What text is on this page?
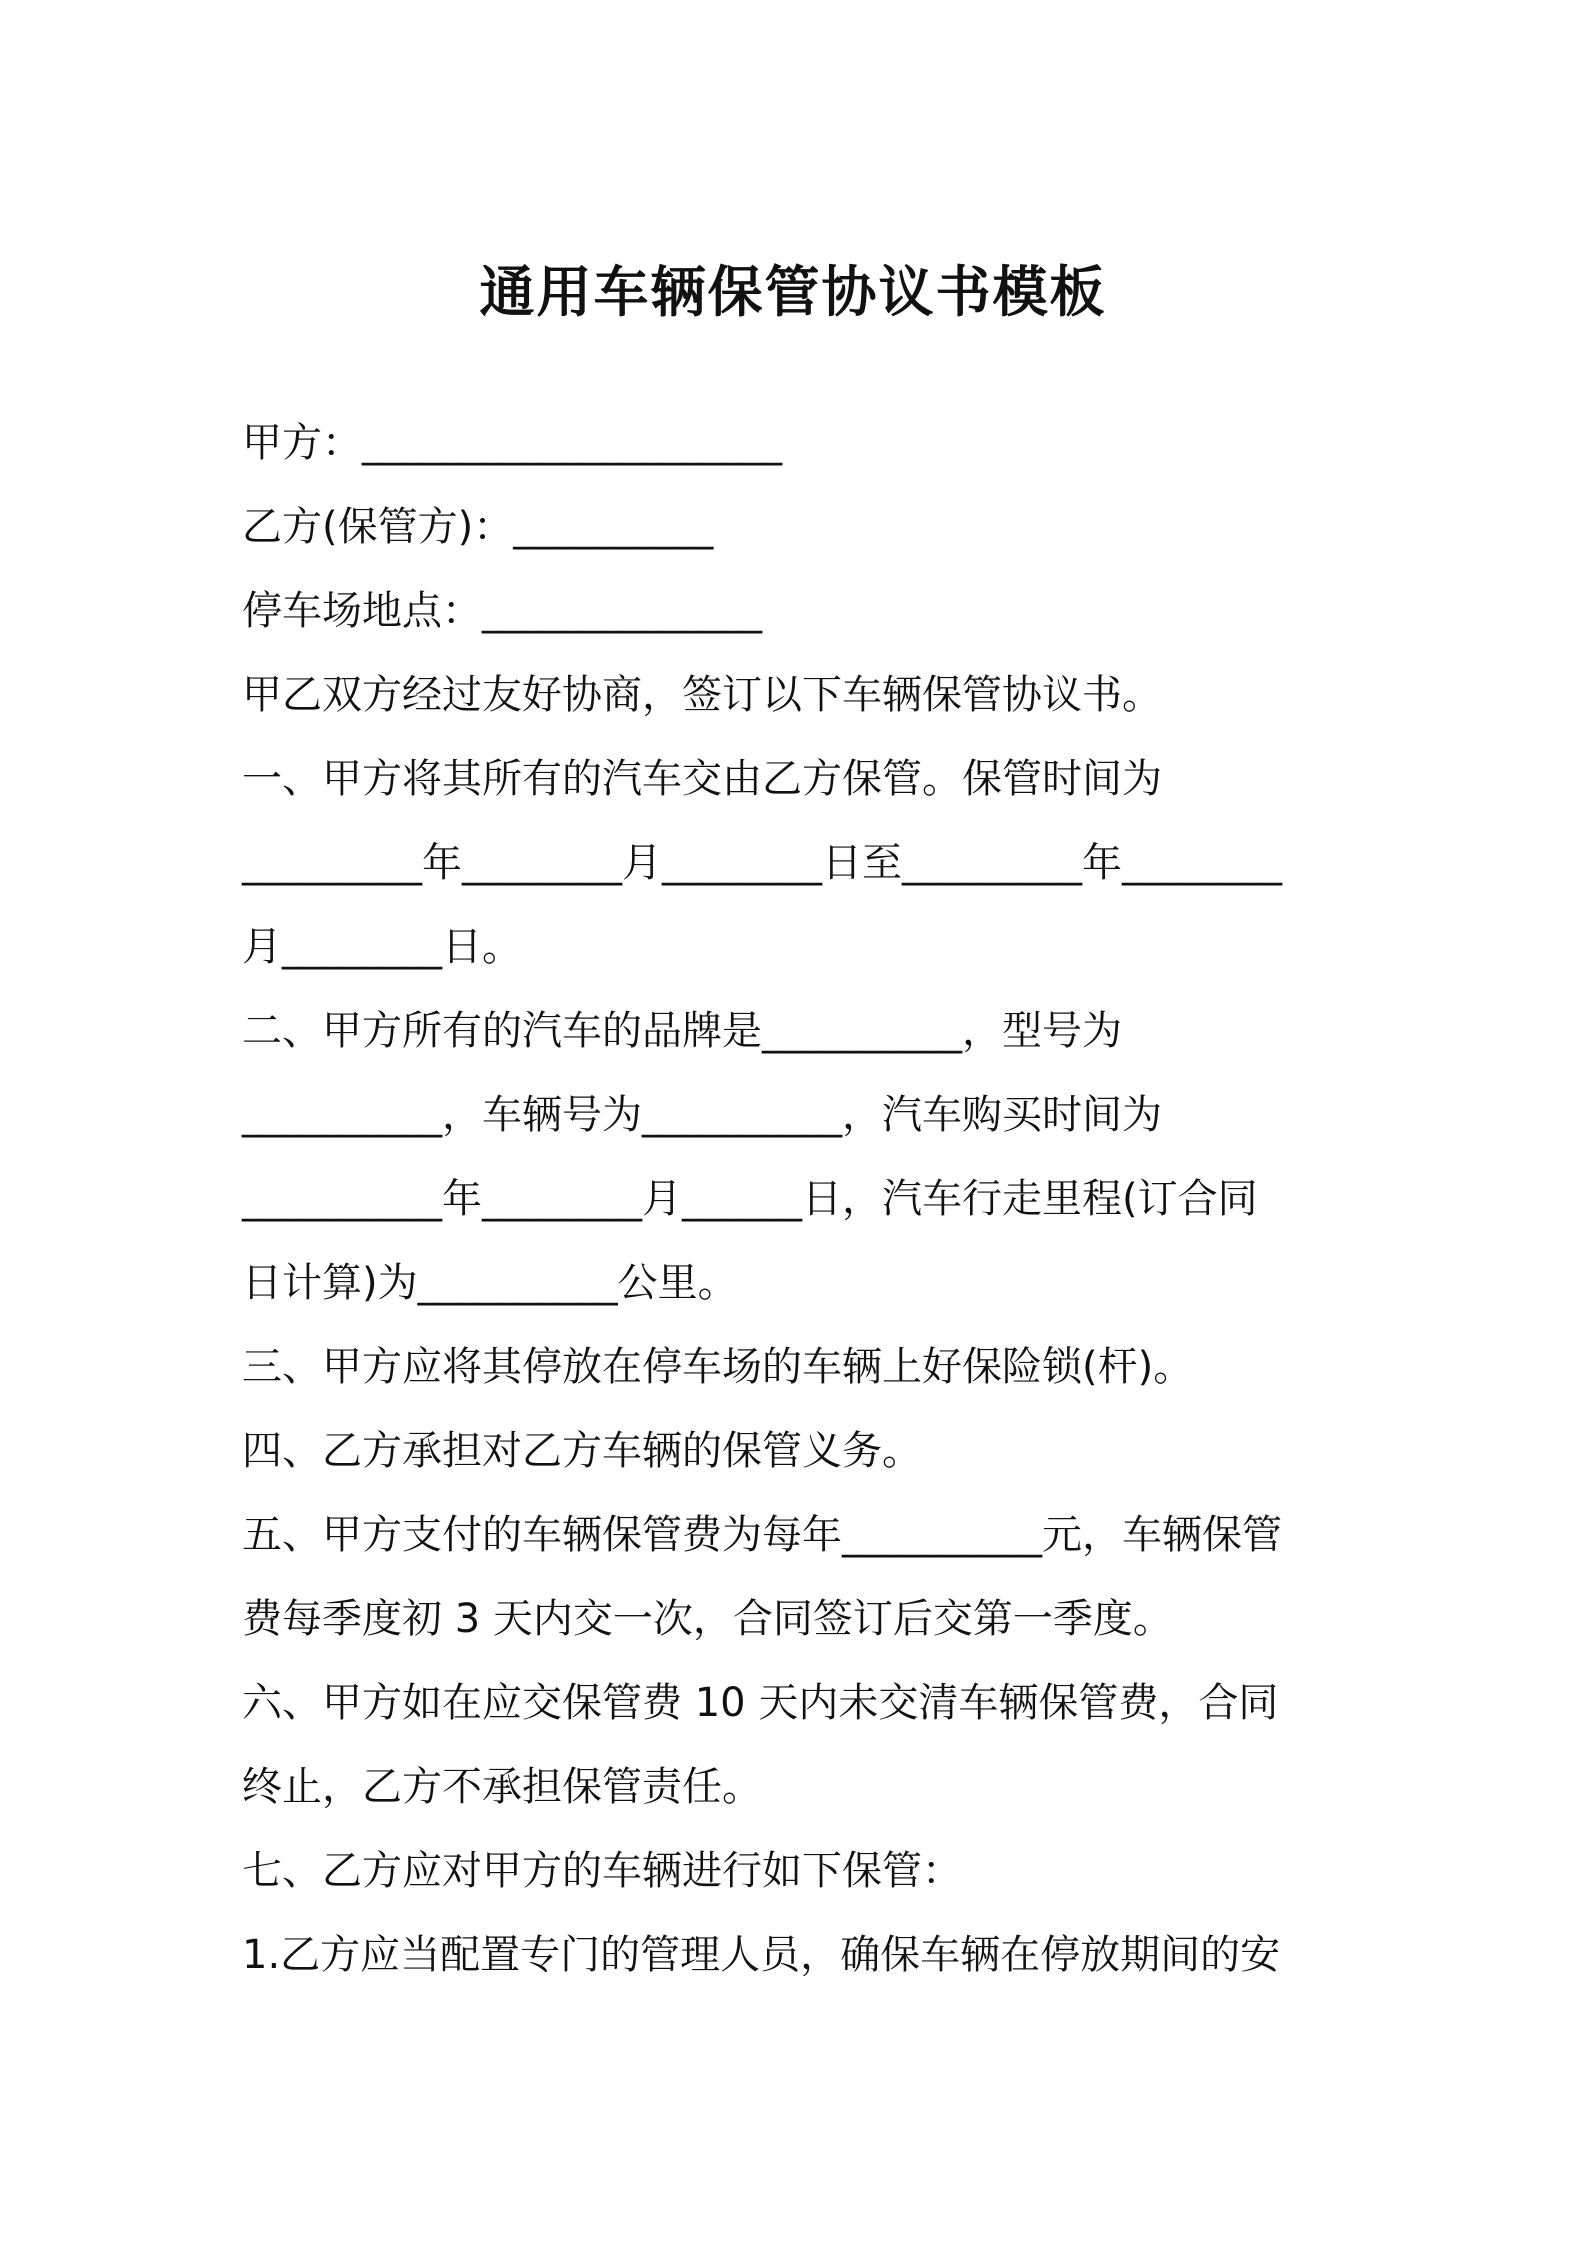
通用车辆保管协议书模板
甲方：_____________________
乙方(保管方)：__________
停车场地点：______________
甲乙双方经过友好协商，签订以下车辆保管协议书。
一、甲方将其所有的汽车交由乙方保管。保管时间为
_________年________月________日至_________年________
月________日。
二、甲方所有的汽车的品牌是__________，型号为
__________，车辆号为__________，汽车购买时间为
__________年________月______日，汽车行走里程(订合同
日计算)为__________公里。
三、甲方应将其停放在停车场的车辆上好保险锁(杆)。
四、乙方承担对乙方车辆的保管义务。
五、甲方支付的车辆保管费为每年__________元，车辆保管
费每季度初 3 天内交一次，合同签订后交第一季度。
六、甲方如在应交保管费 10 天内未交清车辆保管费，合同
终止，乙方不承担保管责任。
七、乙方应对甲方的车辆进行如下保管：
1.乙方应当配置专门的管理人员，确保车辆在停放期间的安
